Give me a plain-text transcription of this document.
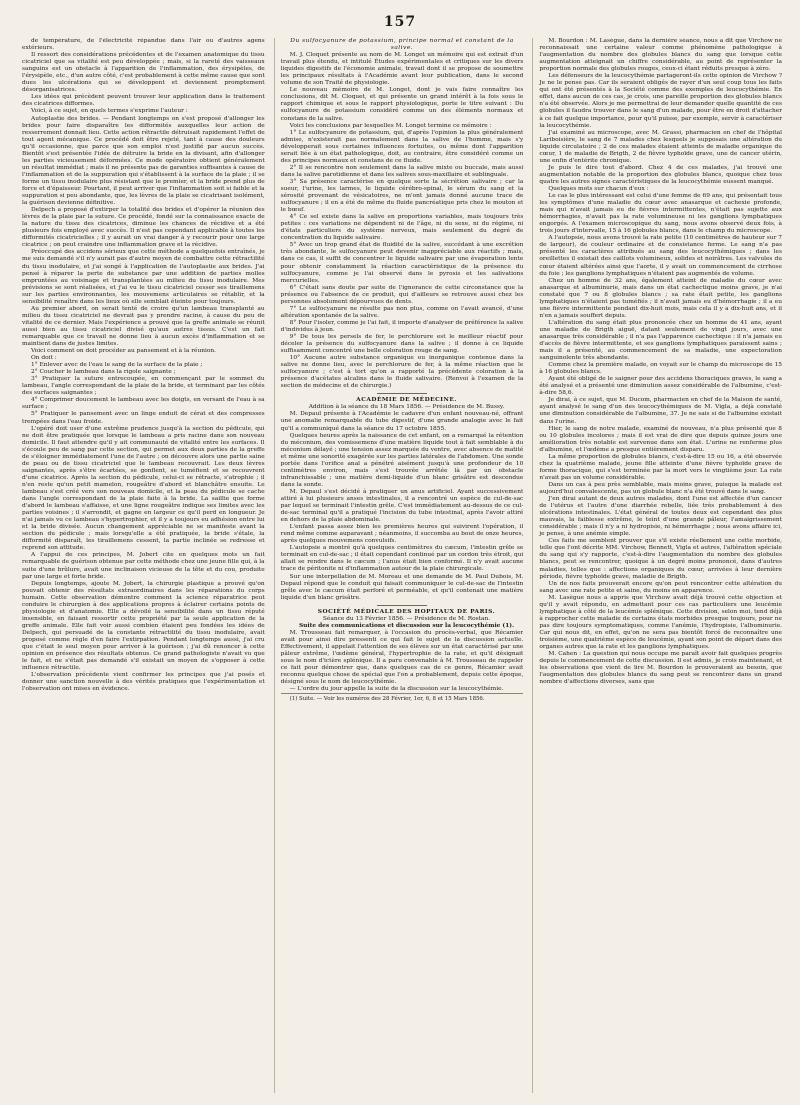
157

de température, de l'électricité répandue dans l'air ou d'autres agens extérieurs.

Il ressort des considérations précédentes et de l'examen anatomique du tissu cicatriciel que sa vitalité est peu développée ; mais, si la rareté des vaisseaux sanguins est un obstacle à l'apparition de l'inflammation, des érysipèles, de l'érysipèle, etc., d'un autre côté, c'est probablement à cette même cause que sont dues les ulcérations qui se développent et deviennent promptement désorganisatrices.

Les idées qui précèdent peuvent trouver leur application dans le traitement des cicatrices difformes.

Voici, à ce sujet, en quels termes s'exprime l'auteur :

Autoplastie des brides. — Pendant longtemps on s'est proposé d'allonger les brides pour faire disparaître les difformités auxquelles leur action de resserrement donnait lieu. Cette action rétractile détruisait rapidement l'effet de tout agent mécanique. Ce procédé doit être rejeté, tant à cause des douleurs qu'il occasionne, que parce que son emploi n'est justifié par aucun succès. Bientôt s'est présentée l'idée de détruire la bride en la divisant, afin d'allonger les parties vicieusement déformées. Ce mode opératoire obtient généralement un résultat immédiat ; mais il ne présente pas de garanties suffisantes à cause de l'inflammation et de la suppuration qui s'établissent à la surface de la plaie ; il se forme un tissu inodulaire plus résistant que le premier, et la bride prend plus de force et d'épaisseur. Pourtant, il peut arriver que l'inflammation soit si faible et la suppuration si peu abondante, que, les lèvres de la plaie se cicatrisant isolément, la guérison devienne définitive.

Delpech a proposé d'extirper la totalité des brides et d'opérer la réunion des lèvres de la plaie par la suture. Ce procédé, fondé sur la connaissance exacte de la nature du tissu des cicatrices, diminue les chances de récidive et a été plusieurs fois employé avec succès. Il n'est pas cependant applicable à toutes les difformités cicatricielles ; il y aurait un vrai danger à y recourir pour une large cicatrice ; on peut craindre une inflammation grave et la récidive.

Préoccupé des accidens sérieux que cette méthode a quelquefois entraînés, je me suis demandé s'il n'y aurait pas d'autre moyen de combattre cette rétractilité du tissu inodulaire, et j'ai songé à l'application de l'autoplastie aux brides. J'ai pensé à réparer la perte de substance par une addition de parties molles empruntées au voisinage et transplantées au milieu du tissu inodulaire. Mes prévisions se sont réalisées, et j'ai vu le tissu cicatriciel cesser ses tiraillemens sur les parties environnantes, les mouvemens articulaires se rétablir, et la sensibilité renaître dans les lieux où elle semblait éteinte pour toujours.

Au premier abord, on serait tenté de croire qu'un lambeau transplanté au milieu du tissu cicatriciel ne devrait pas y prendre racine, à cause du peu de vitalité de ce dernier. Mais l'expérience a prouvé que la greffe animale se réunit aussi bien au tissu cicatriciel divisé qu'aux autres tissus. C'est un fait remarquable que ce travail ne donne lieu à aucun excès d'inflammation et se maintient dans de justes limites.

Voici comment on doit procéder au pansement et à la réunion.

On doit :

1° Enlever avec de l'eau le sang de la surface de la plaie ;

2° Coucher le lambeau dans la rigole saignante ;

3° Pratiquer la suture entrecoupée, en commençant par le sommet du lambeau, l'angle correspondant de la plaie de la bride, et terminant par les côtés des surfaces saignantes ;

4° Comprimer doucement le lambeau avec les doigts, en versant de l'eau à sa surface ;

5° Pratiquer le pansement avec un linge enduit de cérat et des compresses trempées dans l'eau froide.

L'opéré doit user d'une extrême prudence jusqu'à la section du pédicule, qui ne doit être pratiquée que lorsque le lambeau a pris racine dans son nouveau domicile. Il faut attendre qu'il y ait communauté de vitalité entre les surfaces. Il s'écoule peu de sang par cette section, qui permet aux deux parties de la greffe de s'éloigner immédiatement l'une de l'autre ; on découvre alors une partie saine de peau ou de tissu cicatriciel que le lambeau recouvrait. Les deux lèvres saignantes, après s'être écartées, se gonflent, se tuméfient et se recouvrent d'une cicatrice. Après la section du pédicule, celui-ci se rétracte, s'atrophie ; il n'en reste qu'un petit mamelon, rougeâtre d'abord et blanchâtre ensuite. Le lambeau s'est créé vers son nouveau domicile, et la peau du pédicule se cache dans l'angle correspondant de la plaie faite à la bride. La saillie que forme d'abord le lambeau s'affaisse, et une ligne rougeâtre indique ses limites avec les parties voisines ; il s'arrondit, et gagne en largeur ce qu'il perd en longueur. Je n'ai jamais vu ce lambeau s'hypertrophier, et il y a toujours eu adhésion entre lui et la bride divisée. Aucun changement appréciable ne se manifeste avant la section du pédicule ; mais lorsqu'elle a été pratiquée, la bride s'étale, la difformité disparaît, les tiraillemens cessent, la partie inclinée se redresse et reprend son attitude.

A l'appui de ces principes, M. Jobert cite en quelques mots un fait remarquable de guérison obtenue par cette méthode chez une jeune fille qui, à la suite d'une brûlure, avait une inclinaison vicieuse de la tête et du cou, produite par une large et forte bride.

Depuis longtemps, ajoute M. Jobert, la chirurgie plastique a prouvé qu'on pouvait obtenir des résultats extraordinaires dans les réparations du corps humain. Cette observation démontre comment la science réparatrice peut conduire le chirurgien à des applications propres à éclairer certains points de physiologie et d'anatomie. Elle a dévoilé la sensibilité dans un tissu réputé insensible, en faisant ressortir cette propriété par la seule application de la greffe animale. Elle fait voir aussi combien étaient peu fondées les idées de Delpech, qui persuadé de la constante rétractilité du tissu inodulaire, avait proposé comme règle d'en faire l'extirpation. Pendant longtemps aussi, j'ai cru que c'était le seul moyen pour arriver à la guérison ; j'ai dû renoncer à cette opinion en présence des résultats obtenus. Ce grand pathologiste n'avait vu que le fait, et ne s'était pas demandé s'il existait un moyen de s'opposer à cette influence rétractile.

L'observation précédente vient confirmer les principes que j'ai posés et donner une sanction nouvelle à des vérités pratiques que l'expérimentation et l'observation ont mises en évidence.

Du sulfocyanure de potassium, principe normal et constant de la salive.

M. J. Cloquet présente au nom de M. Longet un mémoire qui est extrait d'un travail plus étendu, et intitulé Études expérimentales et critiques sur les divers liquides digestifs de l'économie animale, travail dont il se propose de soumettre les principaux résultats à l'Académie avant leur publication, dans le second volume de son Traité de physiologie.

Le nouveau mémoire de M. Longet, dont je vais faire connaître les conclusions, dit M. Cloquet, et qui présente un grand intérêt à la fois sous le rapport chimique et sous le rapport physiologique, porte le titre suivant : Du sulfocyanure de potassium considéré comme un des éléments normaux et constans de la salive.

Voici les conclusions par lesquelles M. Longet termine ce mémoire :

1° Le sulfocyanure de potassium, qui, d'après l'opinion la plus généralement admise, n'existerait pas normalement dans la salive de l'homme, mais s'y développerait sous certaines influences fortuites, ou même dont l'apparition serait liée à un état pathologique, doit, au contraire, être considéré comme un des principes normaux et constans de ce fluide.

2° Il se rencontre non seulement dans la salive mixte ou buccale, mais aussi dans la salive parotidienne et dans les salives sous-maxillaire et sublinguale.

3° Sa présence caractérise en quelque sorte la sécrétion salivaire ; car la sueur, l'urine, les larmes, le liquide cérébro-spinal, le sérum du sang et la sérosité provenant de vésicatoires, ne m'ont jamais donné aucune trace de sulfocyanure ; il en a été de même du fluide pancréatique pris chez le mouton et le bœuf.

4° Ce sel existe dans la salive en proportions variables, mais toujours très petites : ces variations ne dépendent ni de l'âge, ni du sexe, ni du régime, ni d'états particuliers du système nerveux, mais seulement du degré de concentration du liquide salivaire.

5° Avec un trop grand état de fluidité de la salive, succédant à une excrétion très abondante, le sulfocyanure peut devenir inappréciable aux réactifs ; mais, dans ce cas, il suffit de concentrer le liquide salivaire par une évaporation lente pour obtenir constamment la réaction caractéristique de la présence du sulfocyanure, comme je l'ai observé dans le pyrosis et les salivations mercurielles.

6° C'était sans doute par suite de l'ignorance de cette circonstance que la présence ou l'absence de ce produit, qui d'ailleurs se retrouve aussi chez les personnes absolument dépourvues de dents.

7° Le sulfocyanure ne résulte pas non plus, comme on l'avait avancé, d'une altération spontanée de la salive.

8° Pour l'isoler, comme je l'ai fait, il importe d'analyser de préférence la salive d'individus à jeun.

9° De tous les persels de fer, le perchlorure est le meilleur réactif pour déceler la présence du sulfocyanure dans la salive ; il donne à ce liquide suffisamment concentré une belle coloration rouge de sang.

10° Aucune autre substance organique ou inorganique contenue dans la salive ne donne lieu, avec le perchlorure de fer, à la même réaction que le sulfocyanure ; c'est à tort qu'on a rapporté la précédente coloration à la présence d'acétates alcalins dans le fluide salivaire. (Renvoi à l'examen de la section de médecine et de chirurgie.)

ACADÉMIE DE MÉDECINE.

Addition à la séance du 18 Mars 1856. — Présidence de M. Bussy.

M. Depaul présente à l'Académie le cadavre d'un enfant nouveau-né, offrant une anomalie remarquable du tube digestif, d'une grande analogie avec le fait qu'il a communiqué dans la séance du 17 octobre 1855.

Quelques heures après la naissance de cet enfant, on a remarqué la rétention du méconium, des vomissemens d'une matière liquide tout à fait semblable à du méconium délayé ; une tension assez marquée du ventre, avec absence de matité et même une sonorité exagérée sur les parties latérales de l'abdomen. Une sonde portée dans l'orifice anal a pénétré aisément jusqu'à une profondeur de 10 centimètres environ, mais s'est trouvée arrêtée là par un obstacle infranchissable ; une matière demi-liquide d'un blanc grisâtre est descendue dans la sonde.

M. Depaul s'est décidé à pratiquer un anus artificiel. Ayant successivement attiré à lui plusieurs anses intestinales, il a rencontré un espèce de cul-de-sac par lequel se terminait l'intestin grêle. C'est immédiatement au-dessus de ce cul-de-sac terminal qu'il a pratiqué l'incision du tube intestinal, après l'avoir attiré en dehors de la plaie abdominale.

L'enfant passa assez bien les premières heures qui suivirent l'opération, il rend même comme auparavant ; néanmoins, il succomba au bout de onze heures, après quelques mouvemens convulsifs.

L'autopsie a montré qu'à quelques centimètres du cæcum, l'intestin grêle se terminait en cul-de-sac ; il était cependant continué par un cordon très étroit, qui allait se rendre dans le cæcum ; l'anus était bien conformé. Il n'y avait aucune trace de péritonite ni d'inflammation autour de la plaie chirurgicale.

Sur une interpellation de M. Moreau et une demande de M. Paul Dubois, M. Depaul répond que le conduit qui faisait communiquer le cul-de-sac de l'intestin grêle avec le cæcum était perforé et perméable, et qu'il contenait une matière liquide d'un blanc grisâtre.

SOCIÉTÉ MÉDICALE DES HOPITAUX DE PARIS.

Séance du 13 Février 1856. — Présidence de M. Rostan.

Suite des communications et discussion sur la leucocythémie (1).

M. Trousseau fait remarquer, à l'occasion du procès-verbal, que Récamier avait pour ainsi dire pressenti ce qui fait le sujet de la discussion actuelle. Effectivement, il appelait l'attention de ses élèves sur un état caractérisé par une pâleur extrême, l'œdème général, l'hypertrophie de la rate, et qu'il désignait sous le nom d'ictère splénique. Il a paru convenable à M. Trousseau de rappeler ce fait pour démontrer que, dans quelques cas de ce genre, Récamier avait reconnu quelque chose de spécial que l'on a probablement, depuis cette époque, désigné sous le nom de leucocythémie.

— L'ordre du jour appelle la suite de la discussion sur la leucocythémie.

(1) Suite. — Voir les numéros des 28 Février, 1er, 6, 8 et 15 Mars 1856.

M. Bourdon : M. Lasègue, dans la dernière séance, nous a dit que Virchow ne reconnaissait une certaine valeur comme phénomène pathologique à l'augmentation du nombre des globules blancs du sang que lorsque cette augmentation atteignait un chiffre considérable, au point de représenter la proportion normale des globules rouges, ceux-ci étant réduits presque à zéro.

Les défenseurs de la leucocythémie partageront-ils cette opinion de Virchow ? Je ne le pense pas. Car ils seraient obligés de rayer d'un seul coup tous les faits qui ont été présentés à la Société comme des exemples de leucocythémie. En effet, dans aucun de ces cas, je crois, une pareille proportion des globules blancs n'a été observée. Alors je me permettrai de leur demander quelle quantité de ces globules il faudra trouver dans le sang d'un malade, pour être en droit d'attacher à ce fait quelque importance, pour qu'il puisse, par exemple, servir à caractériser la leucocythémie.

J'ai examiné au microscope, avec M. Grassi, pharmacien en chef de l'hôpital Lariboisière, le sang de 7 malades chez lesquels je supposais une altération du liquide circulatoire ; 2 de ces malades étaient atteints de maladie organique du cœur, 1 de maladie de Brigth, 2 de fièvre typhoïde grave, une de cancer utérin, une enfin d'entérite chronique.

Je puis le dire tout d'abord. Chez 4 de ces malades, j'ai trouvé une augmentation notable de la proportion des globules blancs, quoique chez tous quatre les autres signes caractéristiques de la leucocythémie eussent manqué.

Quelques mots sur chacun d'eux :

Le cas le plus intéressant est celui d'une femme de 69 ans, qui présentait tous les symptômes d'une maladie du cœur avec anasarque et cachexie profonde, mais qui n'avait jamais eu de fièvres intermittentes, n'était pas sujette aux hémorrhagies, n'avait pas la rate volumineuse ni les ganglions lymphatiques engorgés. A l'examen microscopique du sang, nous avons observé deux fois, à trois jours d'intervalle, 15 à 16 globules blancs, dans le champ du microscope.

A l'autopsie, nous avons trouvé la rate petite (10 centimètres de hauteur sur 7 de largeur), de couleur ordinaire et de consistance ferme. Le sang n'a pas présenté les caractères attribués au sang des leucocythémiques ; dans les oreillettes il existait des caillots volumineux, solides et noirâtres. Les valvules du cœur étaient altérées ainsi que l'aorte, il y avait un commencement de cirrhose du foie ; les ganglions lymphatiques n'étaient pas augmentés de volume.

Chez un homme de 32 ans, également atteint de maladie du cœur avec anasarque et albuminurie, mais dans un état cachectique moins grave, je n'ai constaté que 7 ou 8 globules blancs ; sa rate était petite, les ganglions lymphatiques n'étaient pas tuméfiés ; il n'avait jamais eu d'hémorrhagie ; il a eu une fièvre intermittente pendant dix-huit mois, mais cela il y a dix-huit ans, et il n'en a jamais souffert depuis.

L'altération du sang était plus prononcée chez un homme de 41 ans, ayant une maladie de Brigth aiguë, datant seulement de vingt jours, avec une anasarque très considérable ; il n'a pas l'apparence cachectique : il n'a jamais eu d'accès de fièvre intermittente, et ses ganglions lymphatiques paraissent sains ; mais il a présenté, au commencement de sa maladie, une expectoration sanguinolente très abondante.

Comme chez la première malade, on voyait sur le champ du microscope de 15 à 16 globules blancs.

Ayant été obligé de le saigner pour des accidens thoraciques graves, le sang a été analysé et a présenté une diminution assez considérable de l'albumine, c'est-à-dire 58,6.

Je dirai, à ce sujet, que M. Ducom, pharmacien en chef de la Maison de santé, ayant analysé le sang d'un des leucocythémiques de M. Vigla, a déjà constaté une diminution considérable de l'albumine, 37. Je ne sais si de l'albumine existait dans l'urine.

Hier, le sang de notre malade, examiné de nouveau, n'a plus présenté que 8 ou 10 globules incolores ; mais il est vrai de dire que depuis quinze jours une amélioration très notable est survenue dans son état. L'urine ne renferme plus d'albumine, et l'œdème a presque entièrement disparu.

La même proportion de globules blancs, c'est-à-dire 15 ou 16, a été observée chez la quatrième malade, jeune fille atteinte d'une fièvre typhoïde grave de forme thoracique, qui s'est terminée par la mort vers le vingtième jour. La rate n'avait pas un volume considérable.

Dans un cas à peu près semblable, mais moins grave, puisque la malade est aujourd'hui convalescente, pas un globule blanc n'a été trouvé dans le sang.

J'en dirai autant de deux autres malades, dont l'une est affectée d'un cancer de l'utérus et l'autre d'une diarrhée rebelle, liée très probablement à des ulcérations intestinales. L'état général de toutes deux est cependant des plus mauvais, la faiblesse extrême, le teint d'une grande pâleur, l'amaigrissement considérable ; mais il n'y a ni hydropisie, ni hémorrhagie ; nous avons affaire ici, je pense, à une anémie simple.

Ces faits me semblent prouver que s'il existe réellement une cette morbide, telle que l'ont décrite MM. Virchow, Bennett, Vigla et autres, l'altération spéciale du sang qui s'y rapporte, c'est-à-dire l'augmentation du nombre des globules blancs, peut se rencontrer, quoique à un degré moins prononcé, dans d'autres maladies, telles que : affections organiques du cœur, arrivées à leur dernière période, fièvre typhoïde grave, maladie de Brigth.

Un de nos faits prouverait encore qu'on peut rencontrer cette altération du sang avec une rate petite et saine, du moins en apparence.

M. Lasègue nous a appris que Virchow avait déjà trouvé cette objection et qu'il y avait répondu, en admettant pour ces cas particuliers une leucémie lymphatique à côté de la leucémie splénique. Cette division, selon moi, tend déjà à rapprocher cette maladie de certains états morbides presque toujours, pour ne pas dire toujours symptomatiques, comme l'anémie, l'hydropisie, l'albuminurie. Car qui nous dit, en effet, qu'on ne sera pas bientôt forcé de reconnaître une troisième, une quatrième espèce de leucémie, ayant son point de départ dans des organes autres que la rate et les ganglions lymphatiques.

M. Cahen : La question qui nous occupe me paraît avoir fait quelques progrès depuis le commencement de cette discussion. Il est admis, je crois maintenant, et les observations que vient de lire M. Bourdon le prouveraient au besoin, que l'augmentation des globules blancs du sang peut se rencontrer dans un grand nombre d'affections diverses, sans que
